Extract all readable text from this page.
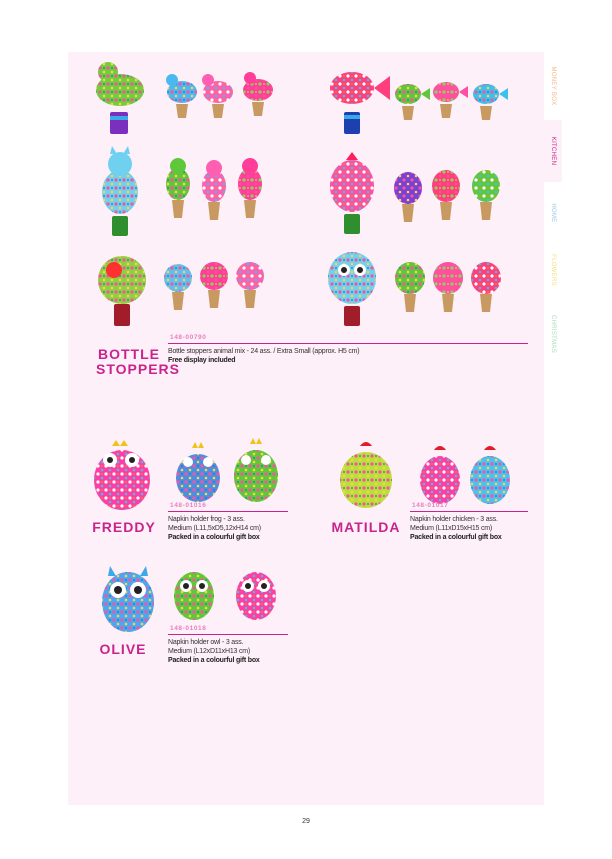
MONEY BOX
KITCHEN
HOME
FLOWERS
CHRISTMAS
148-00790
BOTTLE
STOPPERS
Bottle stoppers animal mix - 24 ass. / Extra Small (approx. H5 cm)
Free display included
148-01016
FREDDY	Napkin holder frog - 3 ass.
Medium (L11,5xD5,12xH14 cm)
Packed in a colourful gift box
148-01017
MATILDA	Napkin holder chicken - 3 ass.
Medium (L11xD15xH15 cm)
Packed in a colourful gift box
148-01018
OLIVE	Napkin holder owl - 3 ass.
Medium (L12xD11xH13 cm)
Packed in a colourful gift box
29
